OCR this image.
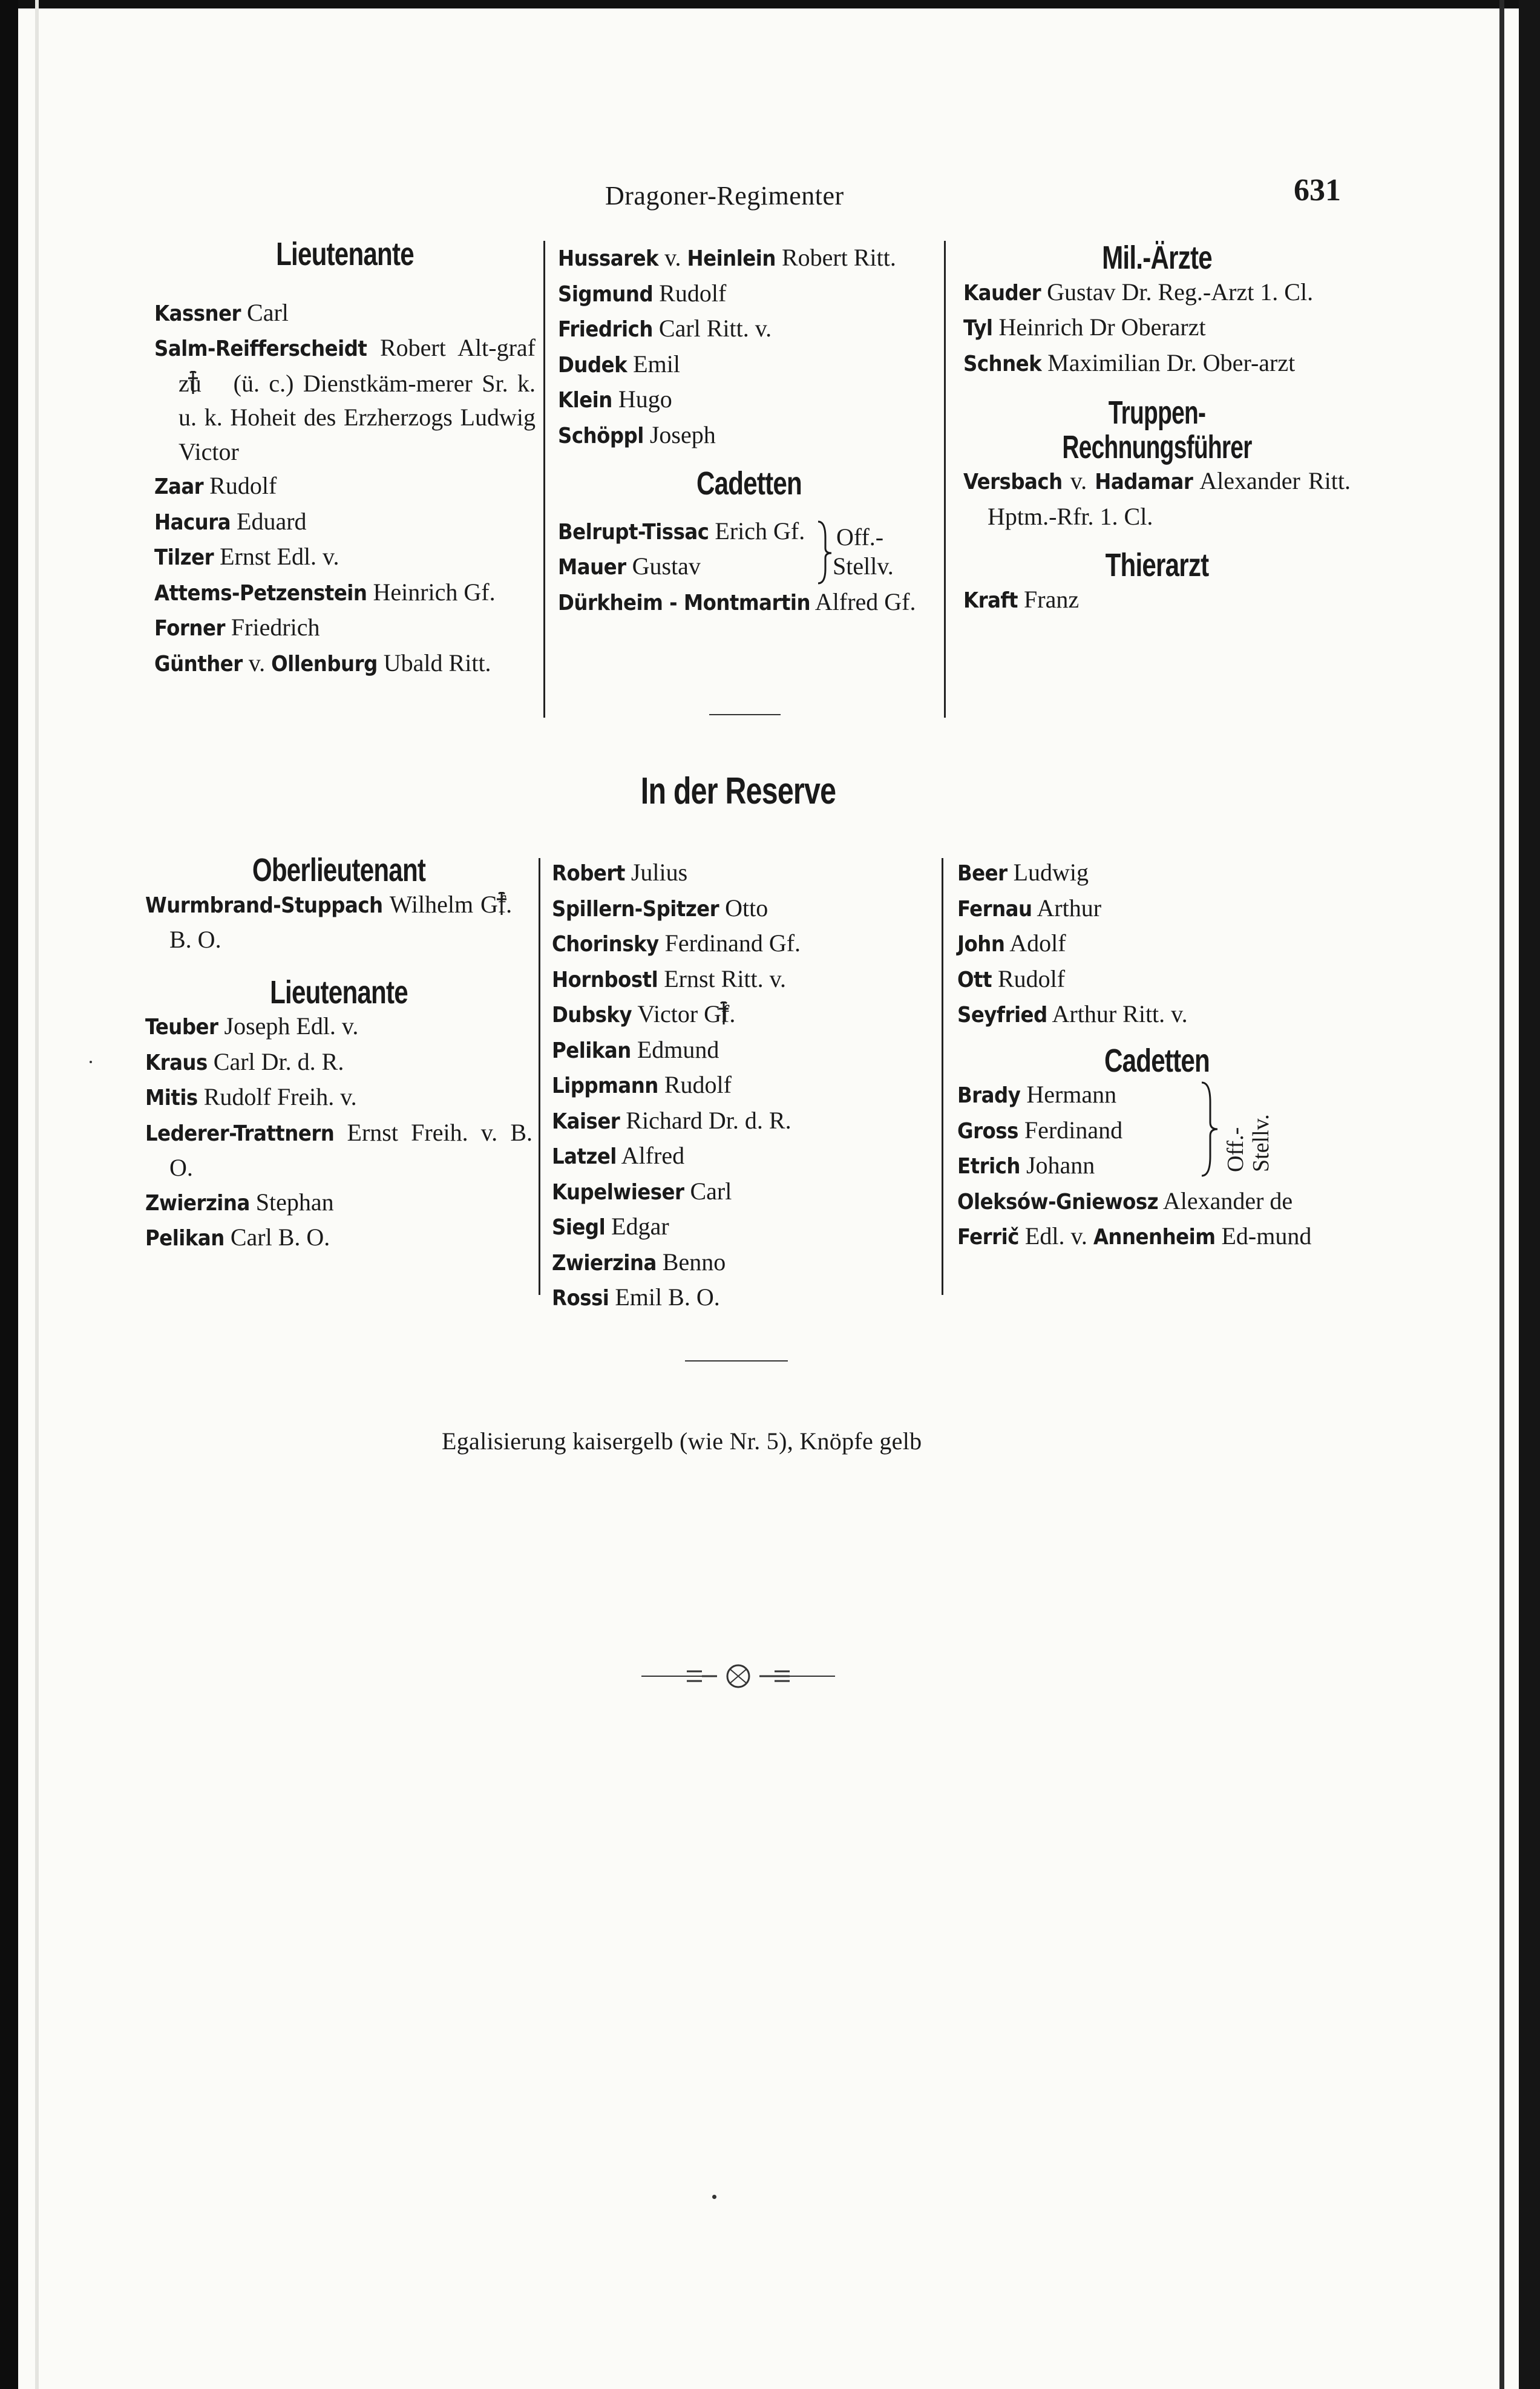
Dragoner-Regimenter	631
Lieutenante
Kassner Carl
Salm-Reifferscheidt Robert Alt-graf zu  (ü. c.) Dienstkäm-merer Sr. k. u. k. Hoheit des Erzherzogs Ludwig Victor
Zaar Rudolf
Hacura Eduard
Tilzer Ernst Edl. v.
Attems-Petzenstein Heinrich Gf.
Forner Friedrich
Günther v. Ollenburg Ubald Ritt.
Hussarek v. Heinlein Robert Ritt.
Sigmund Rudolf
Friedrich Carl Ritt. v.
Dudek Emil
Klein Hugo
Schöppl Joseph
Cadetten
Belrupt-Tissac Erich Gf.
Mauer Gustav
Off.-
Stellv.
Dürkheim - Montmartin Alfred Gf.
Mil.-Ärzte
Kauder Gustav Dr. Reg.-Arzt 1. Cl.
Tyl Heinrich Dr Oberarzt
Schnek Maximilian Dr. Ober-arzt
Truppen-Rechnungsführer
Versbach v. Hadamar Alexander Ritt. Hptm.-Rfr. 1. Cl.
Thierarzt
Kraft Franz
In der Reserve
Oberlieutenant
Wurmbrand-Stuppach Wilhelm Gf.  B. O.
Lieutenante
Teuber Joseph Edl. v.
Kraus Carl Dr. d. R.
Mitis Rudolf Freih. v.
Lederer-Trattnern Ernst Freih. v. B. O.
Zwierzina Stephan
Pelikan Carl B. O.
Robert Julius
Spillern-Spitzer Otto
Chorinsky Ferdinand Gf.
Hornbostl Ernst Ritt. v.
Dubsky Victor Gf.
Pelikan Edmund
Lippmann Rudolf
Kaiser Richard Dr. d. R.
Latzel Alfred
Kupelwieser Carl
Siegl Edgar
Zwierzina Benno
Rossi Emil B. O.
Beer Ludwig
Fernau Arthur
John Adolf
Ott Rudolf
Seyfried Arthur Ritt. v.
Cadetten
Brady Hermann
Gross Ferdinand
Etrich Johann	Off.- Stellv.
Oleksów-Gniewosz Alexander de
Ferrič Edl. v. Annenheim Ed-mund
Egalisierung kaisergelb (wie Nr. 5), Knöpfe gelb
